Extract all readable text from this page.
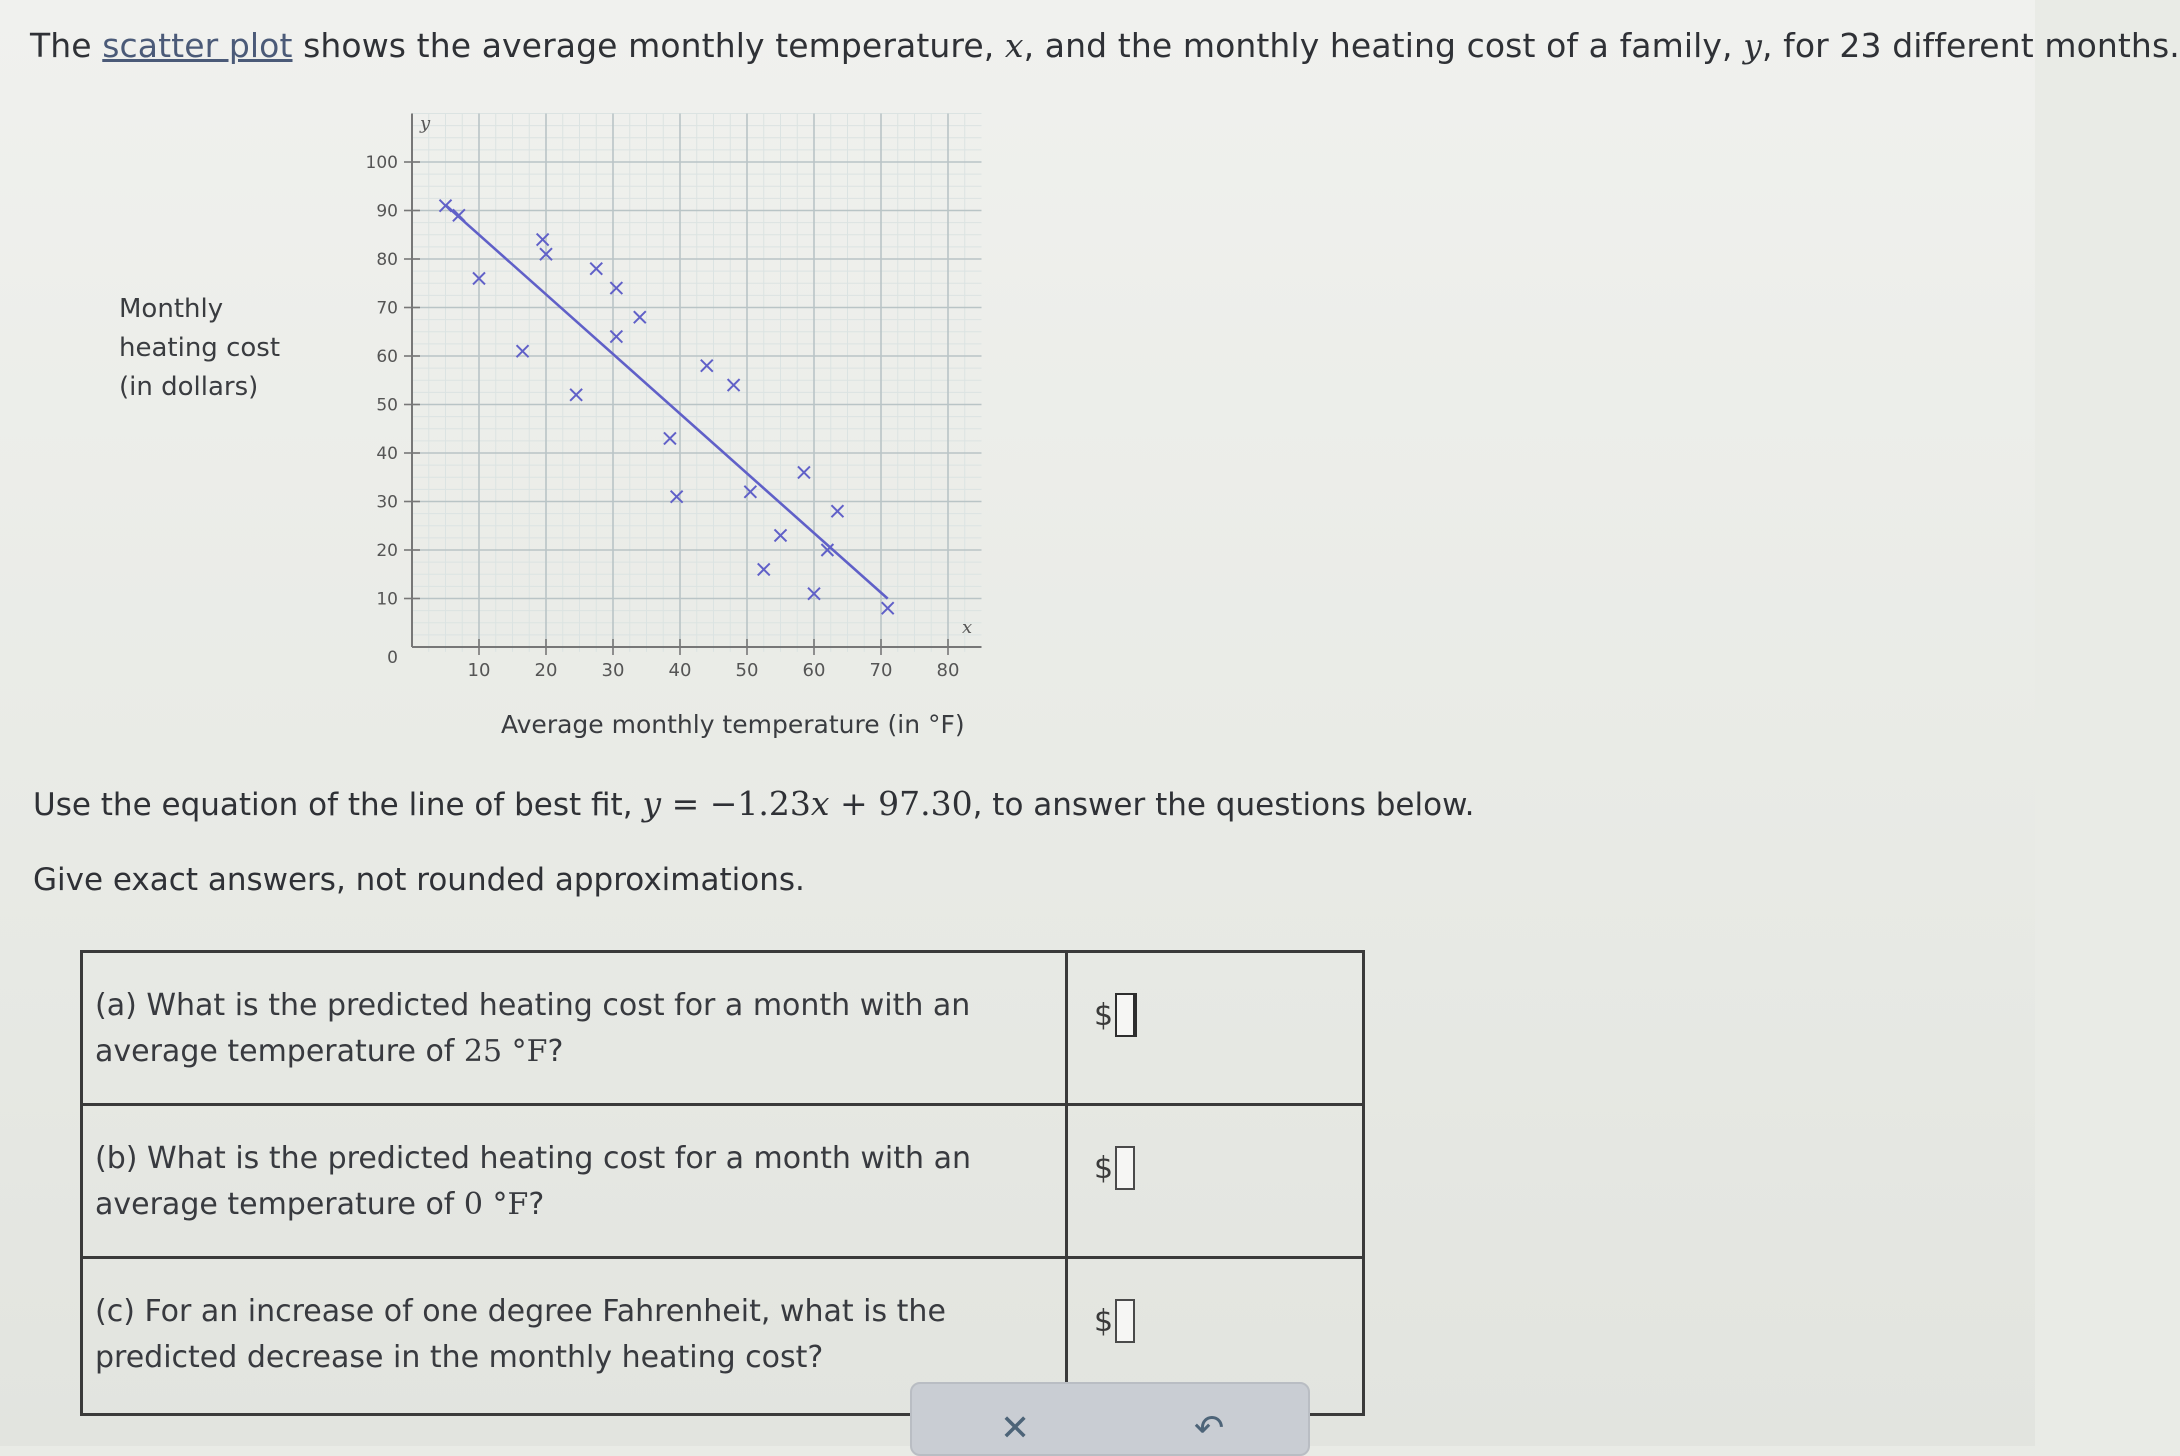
The scatter plot shows the average monthly temperature, x, and the monthly heating cost of a family, y, for 23 different months.
Monthly
heating cost
(in dollars)
10 20 30 40 50 60 70 80
10
20
30
40
50
60
70
80
90
100
0
x
y
Average monthly temperature (in °F)
Use the equation of the line of best fit, y = −1.23x + 97.30, to answer the questions below.
Give exact answers, not rounded approximations.
(a) What is the predicted heating cost for a month with an average temperature of 25 °F?	$

(b) What is the predicted heating cost for a month with an average temperature of 0 °F?	$

(c) For an increase of one degree Fahrenheit, what is the predicted decrease in the monthly heating cost?	$
✕	↶
